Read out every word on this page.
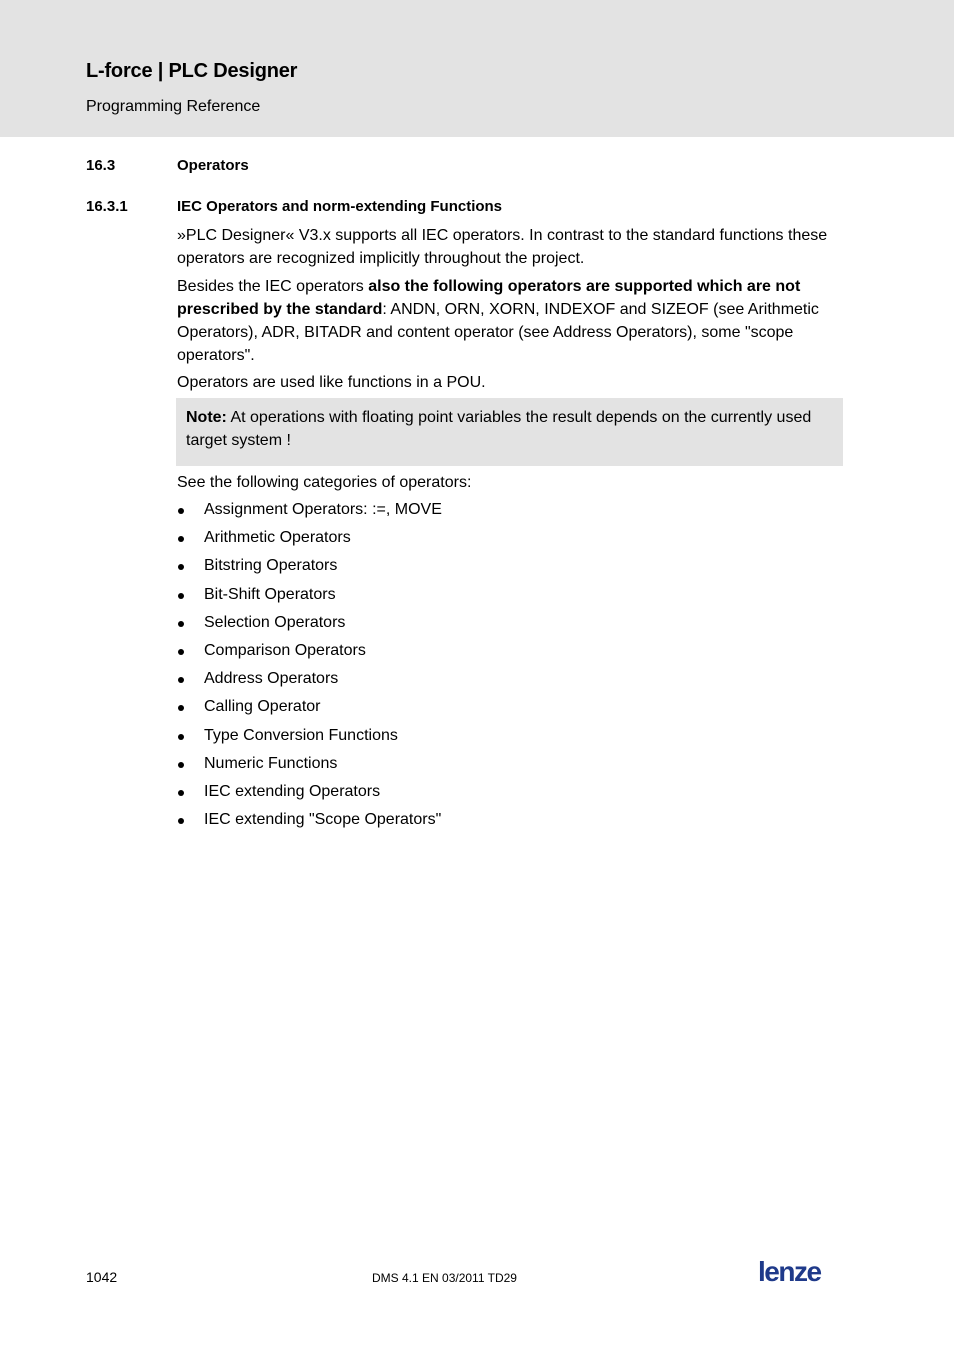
L-force | PLC Designer
Programming Reference
16.3	Operators
16.3.1	IEC Operators and norm-extending Functions
»PLC Designer« V3.x supports all IEC operators. In contrast to the standard functions these operators are recognized implicitly throughout the project.
Besides the IEC operators also the following operators are supported which are not prescribed by the standard: ANDN, ORN, XORN, INDEXOF and SIZEOF (see Arithmetic Operators), ADR, BITADR and content operator (see Address Operators), some "scope operators".
Operators are used like functions in a POU.
Note: At operations with floating point variables the result depends on the currently used target system !
See the following categories of operators:
Assignment Operators: :=, MOVE
Arithmetic Operators
Bitstring Operators
Bit-Shift Operators
Selection Operators
Comparison Operators
Address Operators
Calling Operator
Type Conversion Functions
Numeric Functions
IEC extending Operators
IEC extending "Scope Operators"
1042	DMS 4.1 EN 03/2011 TD29	lenze
